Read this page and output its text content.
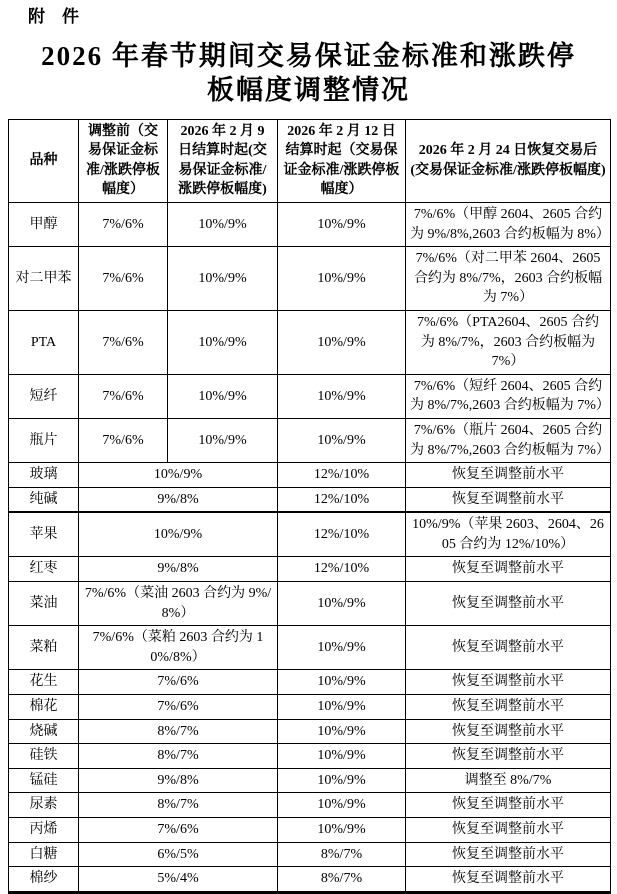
附　件
2026 年春节期间交易保证金标准和涨跌停
板幅度调整情况
品种	调整前（交易保证金标准/涨跌停板幅度）	2026 年 2 月 9 日结算时起(交易保证金标准/涨跌停板幅度)	2026 年 2 月 12 日结算时起（交易保证金标准/涨跌停板幅度）	2026 年 2 月 24 日恢复交易后(交易保证金标准/涨跌停板幅度)
甲醇	7%/6%	10%/9%	10%/9%	7%/6%（甲醇 2604、2605 合约为 9%/8%,2603 合约板幅为 8%）
对二甲苯	7%/6%	10%/9%	10%/9%	7%/6%（对二甲苯 2604、2605 合约为 8%/7%，2603 合约板幅为 7%）
PTA	7%/6%	10%/9%	10%/9%	7%/6%（PTA2604、2605 合约为 8%/7%，2603 合约板幅为 7%）
短纤	7%/6%	10%/9%	10%/9%	7%/6%（短纤 2604、2605 合约为 8%/7%,2603 合约板幅为 7%）
瓶片	7%/6%	10%/9%	10%/9%	7%/6%（瓶片 2604、2605 合约为 8%/7%,2603 合约板幅为 7%）
玻璃	10%/9%		12%/10%	恢复至调整前水平
纯碱	9%/8%		12%/10%	恢复至调整前水平
苹果	10%/9%		12%/10%	10%/9%（苹果 2603、2604、2605 合约为 12%/10%）
红枣	9%/8%		12%/10%	恢复至调整前水平
菜油	7%/6%（菜油 2603 合约为 9%/8%）		10%/9%	恢复至调整前水平
菜粕	7%/6%（菜粕 2603 合约为 10%/8%）		10%/9%	恢复至调整前水平
花生	7%/6%		10%/9%	恢复至调整前水平
棉花	7%/6%		10%/9%	恢复至调整前水平
烧碱	8%/7%		10%/9%	恢复至调整前水平
硅铁	8%/7%		10%/9%	恢复至调整前水平
锰硅	9%/8%		10%/9%	调整至 8%/7%
尿素	8%/7%		10%/9%	恢复至调整前水平
丙烯	7%/6%		10%/9%	恢复至调整前水平
白糖	6%/5%		8%/7%	恢复至调整前水平
棉纱	5%/4%		8%/7%	恢复至调整前水平
